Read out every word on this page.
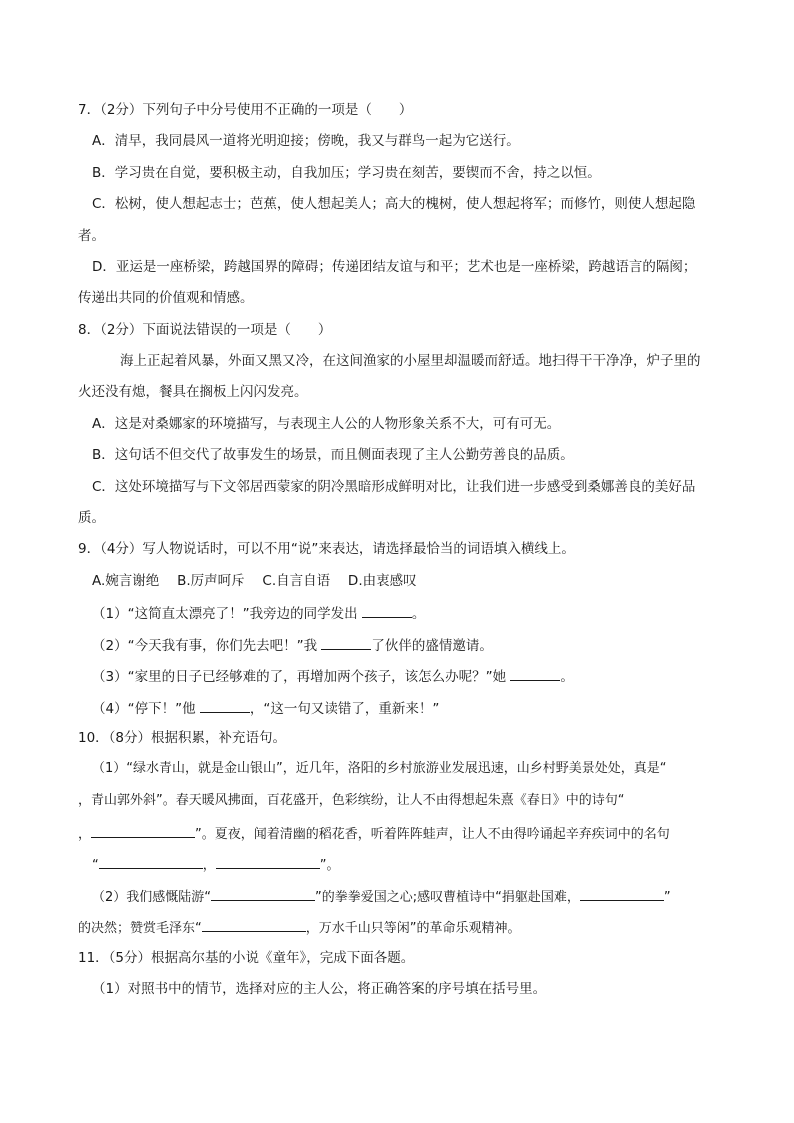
7．（2分）下列句子中分号使用不正确的一项是（　　）
A．清早，我同晨风一道将光明迎接；傍晚，我又与群鸟一起为它送行。
B．学习贵在自觉，要积极主动，自我加压；学习贵在刻苦，要锲而不舍，持之以恒。
C．松树，使人想起志士；芭蕉，使人想起美人；高大的槐树，使人想起将军；而修竹，则使人想起隐
者。
D．亚运是一座桥梁，跨越国界的障碍；传递团结友谊与和平；艺术也是一座桥梁，跨越语言的隔阂；
传递出共同的价值观和情感。
8．（2分）下面说法错误的一项是（　　）
海上正起着风暴，外面又黑又冷，在这间渔家的小屋里却温暖而舒适。地扫得干干净净，炉子里的
火还没有熄，餐具在搁板上闪闪发亮。
A．这是对桑娜家的环境描写，与表现主人公的人物形象关系不大，可有可无。
B．这句话不但交代了故事发生的场景，而且侧面表现了主人公勤劳善良的品质。
C．这处环境描写与下文邻居西蒙家的阴冷黑暗形成鲜明对比，让我们进一步感受到桑娜善良的美好品
质。
9．（4分）写人物说话时，可以不用“说”来表达，请选择最恰当的词语填入横线上。
A.婉言谢绝　 B.厉声呵斥　 C.自言自语　 D.由衷感叹
（1）“这简直太漂亮了！”我旁边的同学发出	。
（2）“今天我有事，你们先去吧！”我	了伙伴的盛情邀请。
（3）“家里的日子已经够难的了，再增加两个孩子，该怎么办呢？”她	。
（4）“停下！”他	，“这一句又读错了，重新来！”
10．（8分）根据积累，补充语句。
（1）“绿水青山，就是金山银山”，近几年，洛阳的乡村旅游业发展迅速，山乡村野美景处处，真是“
，青山郭外斜”。春天暖风拂面，百花盛开，色彩缤纷，让人不由得想起朱熹《春日》中的诗句“
，	”。夏夜，闻着清幽的稻花香，听着阵阵蛙声，让人不由得吟诵起辛弃疾词中的名句
“	，	”。
（2）我们感慨陆游“	”的拳拳爱国之心;感叹曹植诗中“捐躯赴国难，	”
的决然；赞赏毛泽东“	，万水千山只等闲”的革命乐观精神。
11．（5分）根据高尔基的小说《童年》，完成下面各题。
（1）对照书中的情节，选择对应的主人公，将正确答案的序号填在括号里。
